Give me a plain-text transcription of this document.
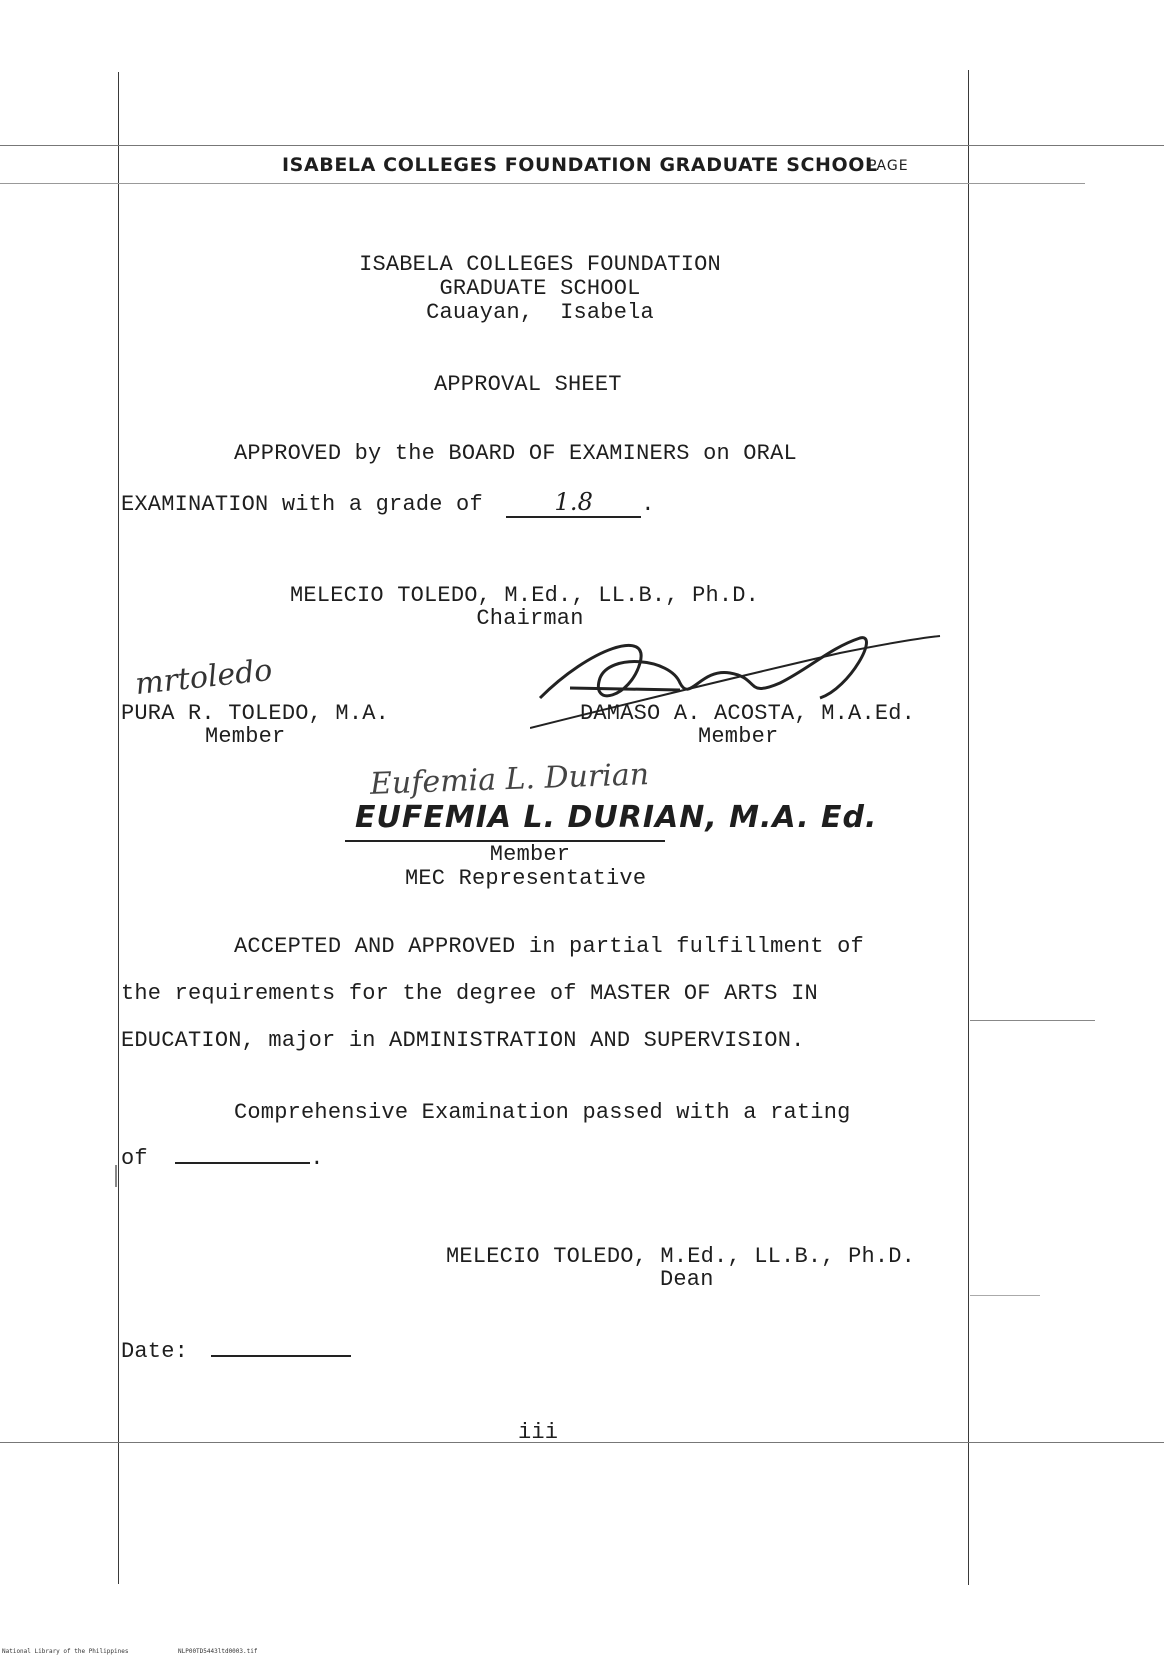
ISABELA COLLEGES FOUNDATION GRADUATE SCHOOL
PAGE
ISABELA COLLEGES FOUNDATION
GRADUATE SCHOOL
Cauayan,  Isabela
APPROVAL SHEET
APPROVED by the BOARD OF EXAMINERS on ORAL
EXAMINATION with a grade of	1.8 .
MELECIO TOLEDO, M.Ed., LL.B., Ph.D.
Chairman
mrtoledo
PURA R. TOLEDO, M.A.
Member
DAMASO A. ACOSTA, M.A.Ed.
Member
Eufemia L. Durian
EUFEMIA L. DURIAN, M.A. Ed.
Member
MEC Representative
ACCEPTED AND APPROVED in partial fulfillment of
the requirements for the degree of MASTER OF ARTS IN
EDUCATION, major in ADMINISTRATION AND SUPERVISION.
Comprehensive Examination passed with a rating
of	.
MELECIO TOLEDO, M.Ed., LL.B., Ph.D.
Dean
Date:
iii
National Library of the Philippines	NLP00TD5443ltd0003.tif
